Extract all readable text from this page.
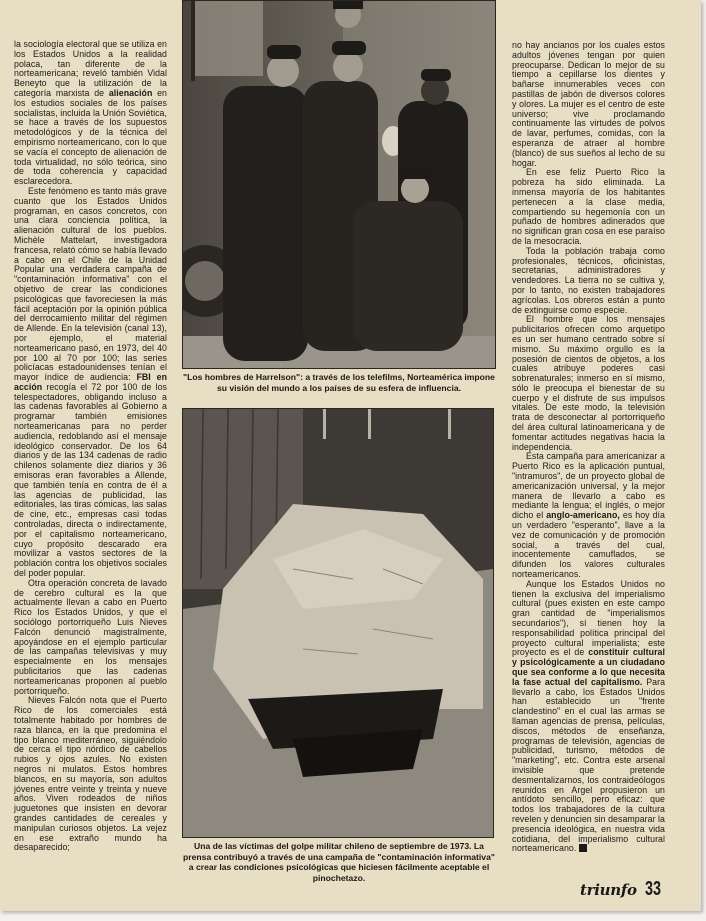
la sociología electoral que se utiliza en los Estados Unidos a la realidad polaca, tan diferente de la norteamericana; reveló también Vidal Beneyto que la utilización de la categoría marxista de alienación en los estudios sociales de los países socialistas, incluida la Unión Soviética, se hace a través de los supuestos metodológicos y de la técnica del empirismo norteamericano, con lo que se vacía el concepto de alienación de toda virtualidad, no sólo teórica, sino de toda coherencia y capacidad esclarecedora.

Este fenómeno es tanto más grave cuanto que los Estados Unidos programan, en casos concretos, con una clara conciencia política, la alienación cultural de los pueblos. Michèle Mattelart, investigadora francesa, relató cómo se había llevado a cabo en el Chile de la Unidad Popular una verdadera campaña de "contaminación informativa" con el objetivo de crear las condiciones psicológicas que favoreciesen la más fácil aceptación por la opinión pública del derrocamiento militar del régimen de Allende. En la televisión (canal 13), por ejemplo, el material norteamericano pasó, en 1973, del 40 por 100 al 70 por 100; las series policíacas estadounidenses tenían el mayor índice de audiencia: FBI en acción recogía el 72 por 100 de los telespectadores, obligando incluso a las cadenas favorables al Gobierno a programar también emisiones norteamericanas para no perder audiencia, redoblando así el mensaje ideológico conservador. De los 64 diarios y de las 134 cadenas de radio chilenos solamente diez diarios y 36 emisoras eran favorables a Allende, que también tenía en contra de él a las agencias de publicidad, las editoriales, las tiras cómicas, las salas de cine, etc., empresas casi todas controladas, directa o indirectamente, por el capitalismo norteamericano, cuyo propósito descarado era movilizar a vastos sectores de la población contra los objetivos sociales del poder popular.

Otra operación concreta de lavado de cerebro cultural es la que actualmente llevan a cabo en Puerto Rico los Estados Unidos, y que el sociólogo portorriqueño Luis Nieves Falcón denunció magistralmente, apoyándose en el ejemplo particular de las campañas televisivas y muy especialmente en los mensajes publicitarios que las cadenas norteamericanas proponen al pueblo portorriqueño.

Nieves Falcón nota que el Puerto Rico de los comerciales está totalmente habitado por hombres de raza blanca, en la que predomina el tipo blanco mediterráneo, siguiéndolo de cerca el tipo nórdico de cabellos rubios y ojos azules. No existen negros ni mulatos. Estos hombres blancos, en su mayoría, son adultos jóvenes entre veinte y treinta y nueve años. Viven rodeados de niños juguetones que insisten en devorar grandes cantidades de cereales y manipulan curiosos objetos. La vejez en ese extraño mundo ha desaparecido;

"Los hombres de Harrelson": a través de los telefilms, Norteamérica impone su visión del mundo a los países de su esfera de influencia.
Una de las víctimas del golpe militar chileno de septiembre de 1973. La prensa contribuyó a través de una campaña de "contaminación informativa" a crear las condiciones psicológicas que hiciesen fácilmente aceptable el pinochetazo.

no hay ancianos por los cuales estos adultos jóvenes tengan por quien preocuparse. Dedican lo mejor de su tiempo a cepillarse los dientes y bañarse innumerables veces con pastillas de jabón de diversos colores y olores. La mujer es el centro de este universo; vive proclamando continuamente las virtudes de polvos de lavar, perfumes, comidas, con la esperanza de atraer al hombre (blanco) de sus sueños al lecho de su hogar.

En ese feliz Puerto Rico la pobreza ha sido eliminada. La inmensa mayoría de los habitantes pertenecen a la clase media, compartiendo su hegemonía con un puñado de hombres adinerados que no significan gran cosa en ese paraíso de la mesocracia.

Toda la población trabaja como profesionales, técnicos, oficinistas, secretarias, administradores y vendedores. La tierra no se cultiva y, por lo tanto, no existen trabajadores agrícolas. Los obreros están a punto de extinguirse como especie.

El hombre que los mensajes publicitarios ofrecen como arquetipo es un ser humano centrado sobre sí mismo. Su máximo orgullo es la posesión de cientos de objetos, a los cuales atribuye poderes casi sobrenaturales; inmerso en sí mismo, sólo le preocupa el bienestar de su cuerpo y el disfrute de sus impulsos vitales. De este modo, la televisión trata de desconectar al portorriqueño del área cultural latinoamericana y de fomentar actitudes negativas hacia la independencia.

Esta campaña para americanizar a Puerto Rico es la aplicación puntual, "intramuros", de un proyecto global de americanización universal, y la mejor manera de llevarlo a cabo es mediante la lengua; el inglés, o mejor dicho el anglo-americano, es hoy día un verdadero "esperanto", llave a la vez de comunicación y de promoción social, a través del cual, inocentemente camuflados, se difunden los valores culturales norteamericanos.

Aunque los Estados Unidos no tienen la exclusiva del imperialismo cultural (pues existen en este campo gran cantidad de "imperialismos secundarios"), sí tienen hoy la responsabilidad política principal del proyecto cultural imperialista; este proyecto es el de constituir cultural y psicológicamente a un ciudadano que sea conforme a lo que necesita la fase actual del capitalismo. Para llevarlo a cabo, los Estados Unidos han establecido un "frente clandestino" en el cual las armas se llaman agencias de prensa, películas, discos, métodos de enseñanza, programas de televisión, agencias de publicidad, turismo, métodos de "marketing", etc. Contra este arsenal invisible que pretende desmentalizarnos, los contraideólogos reunidos en Argel propusieron un antídoto sencillo, pero eficaz: que todos los trabajadores de la cultura revelen y denuncien sin desamparar la presencia ideológica, en nuestra vida cotidiana, del imperialismo cultural norteamericano.

triunfo 33
